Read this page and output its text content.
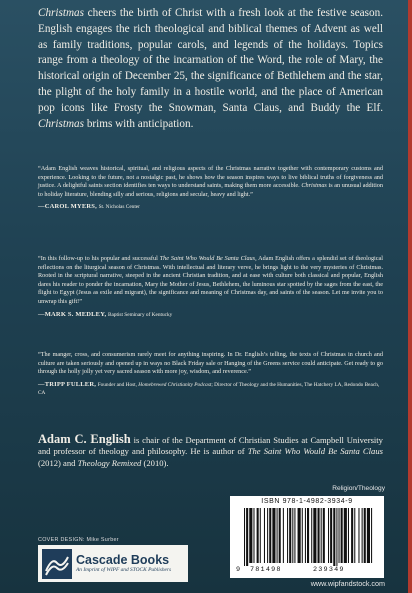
Christmas cheers the birth of Christ with a fresh look at the festive season. English engages the rich theological and biblical themes of Advent as well as family traditions, popular carols, and legends of the holidays. Topics range from a theology of the incarnation of the Word, the role of Mary, the historical origin of December 25, the significance of Bethlehem and the star, the plight of the holy family in a hostile world, and the place of American pop icons like Frosty the Snowman, Santa Claus, and Buddy the Elf. Christmas brims with anticipation.

“Adam English weaves historical, spiritual, and religious aspects of the Christmas narrative together with contemporary customs and experience. Looking to the future, not a nostalgic past, he shows how the season inspires ways to live biblical truths of forgiveness and justice. A delightful saints section identifies ten ways to understand saints, making them more accessible. Christmas is an unusual addition to holiday literature, blending silly and serious, religions and secular, heavy and light.”

—CAROL MYERS, St. Nicholas Center

“In this follow-up to his popular and successful The Saint Who Would Be Santa Claus, Adam English offers a splendid set of theological reflections on the liturgical season of Christmas. With intellectual and literary verve, he brings light to the very mysteries of Christmas. Rooted in the scriptural narrative, steeped in the ancient Christian tradition, and at ease with culture both classical and popular, English dares his reader to ponder the incarnation, Mary the Mother of Jesus, Bethlehem, the luminous star spotted by the sages from the east, the flight to Egypt (Jesus as exile and migrant), the significance and meaning of Christmas day, and saints of the season. Let me invite you to unwrap this gift!”

—MARK S. MEDLEY, Baptist Seminary of Kentucky

“The manger, cross, and consumerism rarely meet for anything inspiring. In Dr. English’s telling, the texts of Christmas in church and culture are taken seriously and opened up in ways no Black Friday sale or Hanging of the Greens service could anticipate. Get ready to go through the holly jolly yet very sacred season with more joy, wisdom, and reverence.”

—TRIPP FULLER, Founder and Host, Homebrewed Christianity Podcast; Director of Theology and the Humanities, The Hatchery LA, Redondo Beach, CA

Adam C. English is chair of the Department of Christian Studies at Campbell University and professor of theology and philosophy. He is author of The Saint Who Would Be Santa Claus (2012) and Theology Remixed (2010).

Religion/Theology
ISBN 978-1-4982-3934-9
9 781498	239349
www.wipfandstock.com
COVER DESIGN: Mike Surber
Cascade Books
An Imprint of WIPF and STOCK Publishers
